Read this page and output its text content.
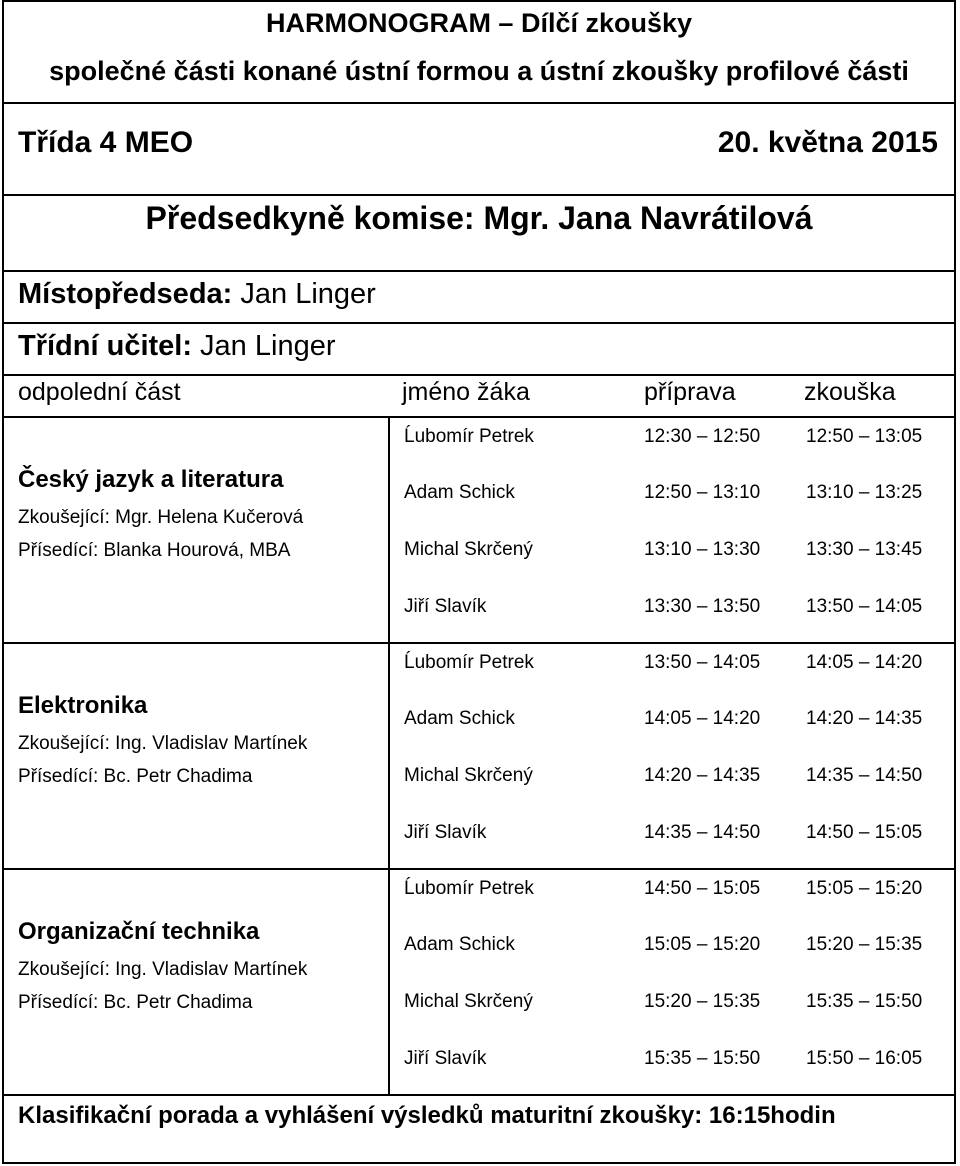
HARMONOGRAM – Dílčí zkoušky
společné části konané ústní formou a ústní zkoušky profilové části
Třída 4 MEO	20. května 2015
Předsedkyně komise: Mgr. Jana Navrátilová
Místopředseda: Jan Linger
Třídní učitel: Jan Linger
odpolední část	jméno žáka	příprava	zkouška
Český jazyk a literatura
Zkoušející: Mgr. Helena Kučerová
Přísedící: Blanka Hourová, MBA
Ĺubomír Petrek	12:30 – 12:50 12:50 – 13:05
Adam Schick	12:50 – 13:10 13:10 – 13:25
Michal Skrčený	13:10 – 13:30 13:30 – 13:45
Jiří Slavík	13:30 – 13:50 13:50 – 14:05
Elektronika
Zkoušející: Ing. Vladislav Martínek
Přísedící: Bc. Petr Chadima
Ĺubomír Petrek	13:50 – 14:05 14:05 – 14:20
Adam Schick	14:05 – 14:20 14:20 – 14:35
Michal Skrčený	14:20 – 14:35 14:35 – 14:50
Jiří Slavík	14:35 – 14:50 14:50 – 15:05
Organizační technika
Zkoušející: Ing. Vladislav Martínek
Přísedící: Bc. Petr Chadima
Ĺubomír Petrek	14:50 – 15:05 15:05 – 15:20
Adam Schick	15:05 – 15:20 15:20 – 15:35
Michal Skrčený	15:20 – 15:35 15:35 – 15:50
Jiří Slavík	15:35 – 15:50 15:50 – 16:05
Klasifikační porada a vyhlášení výsledků maturitní zkoušky: 16:15hodin
